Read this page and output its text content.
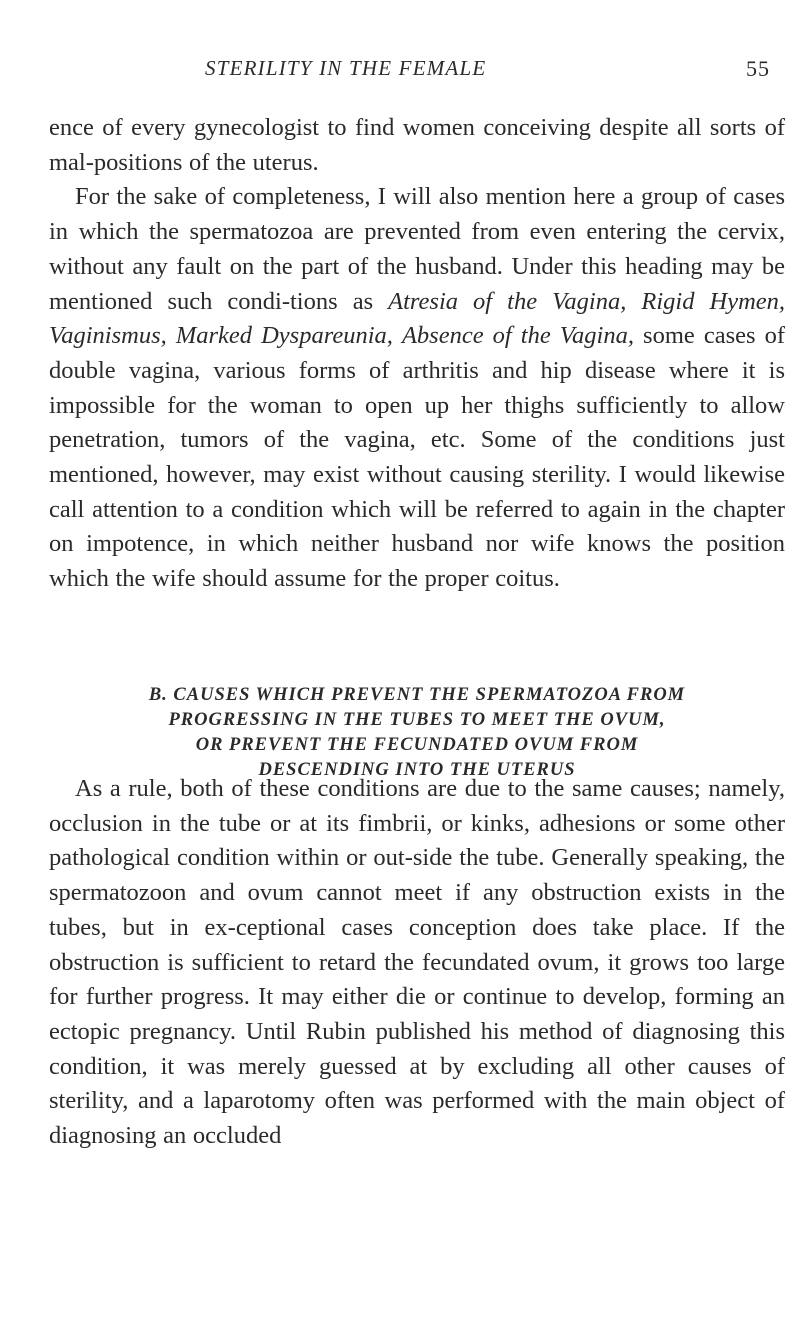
STERILITY IN THE FEMALE	55

ence of every gynecologist to find women conceiving despite all sorts of mal-positions of the uterus.

For the sake of completeness, I will also mention here a group of cases in which the spermatozoa are prevented from even entering the cervix, without any fault on the part of the husband. Under this heading may be mentioned such condi-tions as Atresia of the Vagina, Rigid Hymen, Vaginismus, Marked Dyspareunia, Absence of the Vagina, some cases of double vagina, various forms of arthritis and hip disease where it is impossible for the woman to open up her thighs sufficiently to allow penetration, tumors of the vagina, etc. Some of the conditions just mentioned, however, may exist without causing sterility. I would likewise call attention to a condition which will be referred to again in the chapter on impotence, in which neither husband nor wife knows the position which the wife should assume for the proper coitus.

B. CAUSES WHICH PREVENT THE SPERMATOZOA FROM
PROGRESSING IN THE TUBES TO MEET THE OVUM,
OR PREVENT THE FECUNDATED OVUM FROM
DESCENDING INTO THE UTERUS

As a rule, both of these conditions are due to the same causes; namely, occlusion in the tube or at its fimbrii, or kinks, adhesions or some other pathological condition within or out-side the tube. Generally speaking, the spermatozoon and ovum cannot meet if any obstruction exists in the tubes, but in ex-ceptional cases conception does take place. If the obstruction is sufficient to retard the fecundated ovum, it grows too large for further progress. It may either die or continue to develop, forming an ectopic pregnancy. Until Rubin published his method of diagnosing this condition, it was merely guessed at by excluding all other causes of sterility, and a laparotomy often was performed with the main object of diagnosing an occluded
